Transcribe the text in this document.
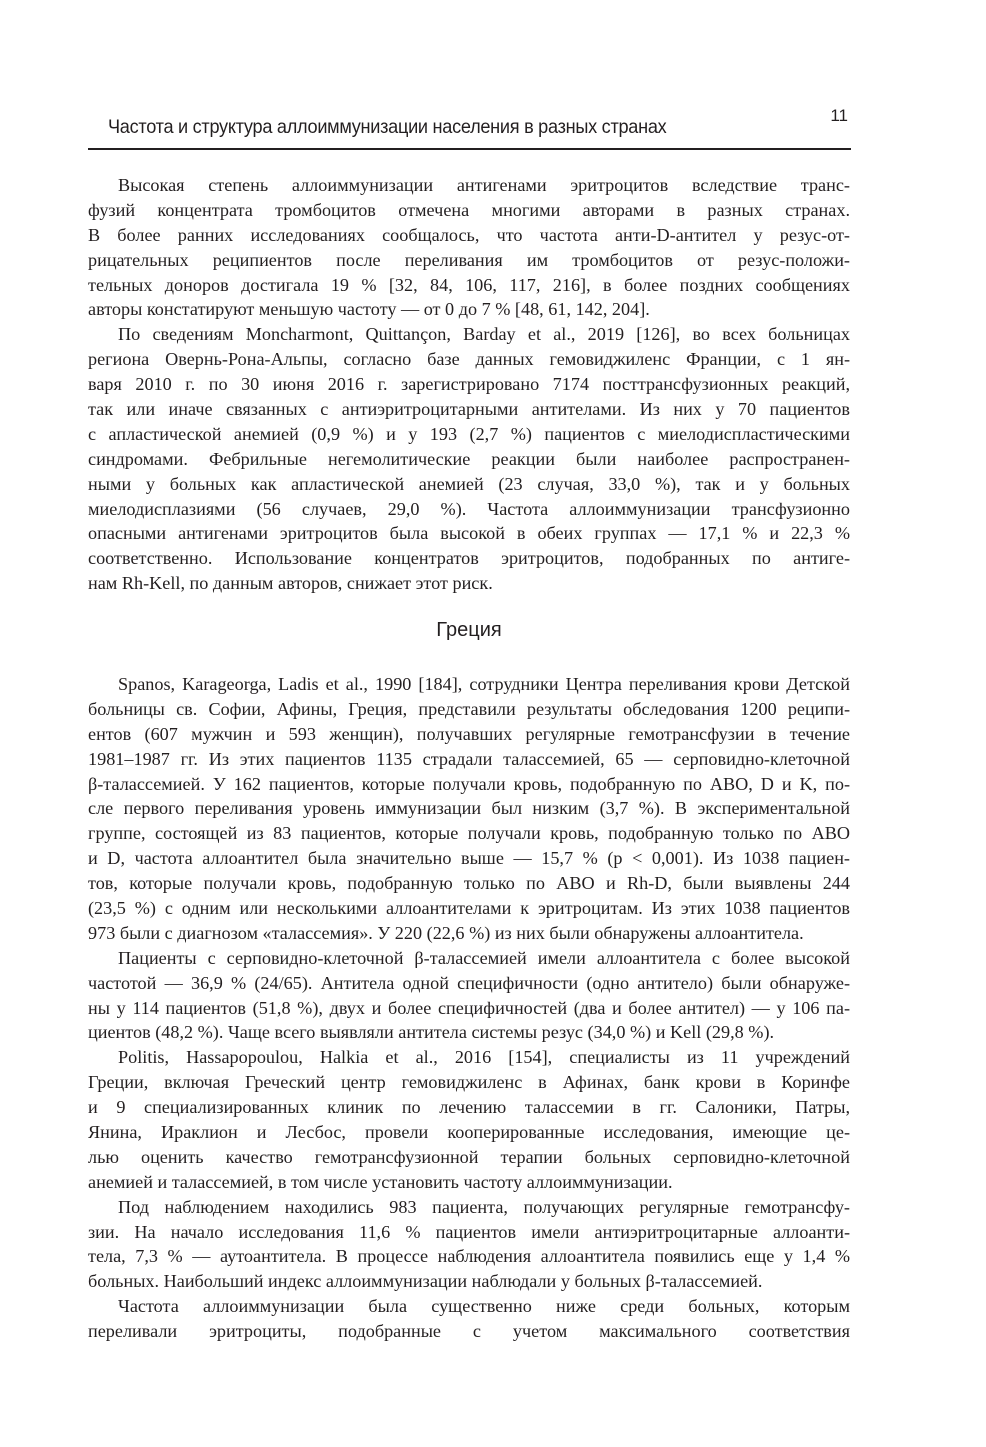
Частота и структура аллоиммунизации населения в разных странах
11
Высокая степень аллоиммунизации антигенами эритроцитов вследствие транс-
фузий концентрата тромбоцитов отмечена многими авторами в разных странах.
В более ранних исследованиях сообщалось, что частота анти-D-антител у резус-от-
рицательных реципиентов после переливания им тромбоцитов от резус-положи-
тельных доноров достигала 19 % [32, 84, 106, 117, 216], в более поздних сообщениях
авторы констатируют меньшую частоту — от 0 до 7 % [48, 61, 142, 204].
По сведениям Moncharmont, Quittançon, Barday et al., 2019 [126], во всех больницах
региона Овернь-Рона-Альпы, согласно базе данных гемовиджиленс Франции, с 1 ян-
варя 2010 г. по 30 июня 2016 г. зарегистрировано 7174 посттрансфузионных реакций,
так или иначе связанных с антиэритроцитарными антителами. Из них у 70 пациентов
с апластической анемией (0,9 %) и у 193 (2,7 %) пациентов с миелодиспластическими
синдромами. Фебрильные негемолитические реакции были наиболее распространен-
ными у больных как апластической анемией (23 случая, 33,0 %), так и у больных
миелодисплазиями (56 случаев, 29,0 %). Частота аллоиммунизации трансфузионно
опасными антигенами эритроцитов была высокой в обеих группах — 17,1 % и 22,3 %
соответственно. Использование концентратов эритроцитов, подобранных по антиге-
нам Rh-Kell, по данным авторов, снижает этот риск.
Греция
Spanos, Karageorga, Ladis et al., 1990 [184], сотрудники Центра переливания крови Детской
больницы св. Софии, Афины, Греция, представили результаты обследования 1200 реципи-
ентов (607 мужчин и 593 женщин), получавших регулярные гемотрансфузии в течение
1981–1987 гг. Из этих пациентов 1135 страдали талассемией, 65 — серповидно-клеточной
β-талассемией. У 162 пациентов, которые получали кровь, подобранную по ABO, D и K, по-
сле первого переливания уровень иммунизации был низким (3,7 %). В экспериментальной
группе, состоящей из 83 пациентов, которые получали кровь, подобранную только по ABO
и D, частота аллоантител была значительно выше — 15,7 % (p < 0,001). Из 1038 пациен-
тов, которые получали кровь, подобранную только по ABO и Rh-D, были выявлены 244
(23,5 %) с одним или несколькими аллоантителами к эритроцитам. Из этих 1038 пациентов
973 были с диагнозом «талассемия». У 220 (22,6 %) из них были обнаружены аллоантитела.
Пациенты с серповидно-клеточной β-талассемией имели аллоантитела с более высокой
частотой — 36,9 % (24/65). Антитела одной специфичности (одно антитело) были обнаруже-
ны у 114 пациентов (51,8 %), двух и более специфичностей (два и более антител) — у 106 па-
циентов (48,2 %). Чаще всего выявляли антитела системы резус (34,0 %) и Kell (29,8 %).
Politis, Hassapopoulou, Halkia et al., 2016 [154], специалисты из 11 учреждений
Греции, включая Греческий центр гемовиджиленс в Афинах, банк крови в Коринфе
и 9 специализированных клиник по лечению талассемии в гг. Салоники, Патры,
Янина, Ираклион и Лесбос, провели кооперированные исследования, имеющие це-
лью оценить качество гемотрансфузионной терапии больных серповидно-клеточной
анемией и талассемией, в том числе установить частоту аллоиммунизации.
Под наблюдением находились 983 пациента, получающих регулярные гемотрансфу-
зии. На начало исследования 11,6 % пациентов имели антиэритроцитарные аллоанти-
тела, 7,3 % — аутоантитела. В процессе наблюдения аллоантитела появились еще у 1,4 %
больных. Наибольший индекс аллоиммунизации наблюдали у больных β-талассемией.
Частота аллоиммунизации была существенно ниже среди больных, которым
переливали эритроциты, подобранные с учетом максимального соответствия
